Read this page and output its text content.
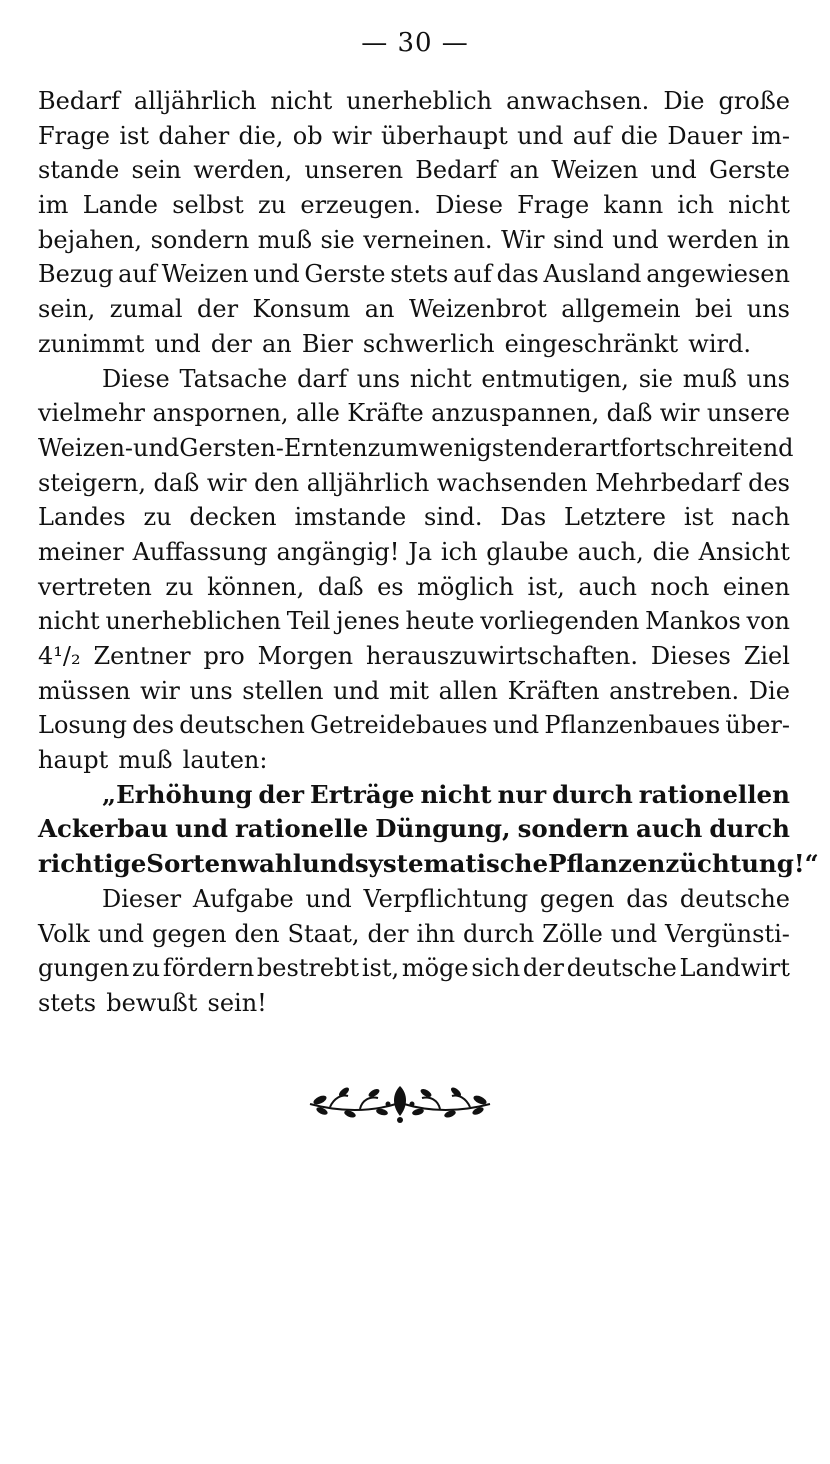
— 30 —
Bedarf alljährlich nicht unerheblich anwachsen. Die große
Frage ist daher die, ob wir überhaupt und auf die Dauer im-
stande sein werden, unseren Bedarf an Weizen und Gerste
im Lande selbst zu erzeugen. Diese Frage kann ich nicht
bejahen, sondern muß sie verneinen. Wir sind und werden in
Bezug auf Weizen und Gerste stets auf das Ausland angewiesen
sein, zumal der Konsum an Weizenbrot allgemein bei uns
zunimmt und der an Bier schwerlich eingeschränkt wird.
Diese Tatsache darf uns nicht entmutigen, sie muß uns
vielmehr anspornen, alle Kräfte anzuspannen, daß wir unsere
Weizen- und Gersten-Ernten zum wenigsten derart fortschreitend
steigern, daß wir den alljährlich wachsenden Mehrbedarf des
Landes zu decken imstande sind. Das Letztere ist nach
meiner Auffassung angängig! Ja ich glaube auch, die Ansicht
vertreten zu können, daß es möglich ist, auch noch einen
nicht unerheblichen Teil jenes heute vorliegenden Mankos von
4¹/₂ Zentner pro Morgen herauszuwirtschaften. Dieses Ziel
müssen wir uns stellen und mit allen Kräften anstreben. Die
Losung des deutschen Getreidebaues und Pflanzenbaues über-
haupt muß lauten:
„Erhöhung der Erträge nicht nur durch rationellen
Ackerbau und rationelle Düngung, sondern auch durch
richtige Sortenwahl und systematische Pflanzenzüchtung!“
Dieser Aufgabe und Verpflichtung gegen das deutsche
Volk und gegen den Staat, der ihn durch Zölle und Vergünsti-
gungen zu fördern bestrebt ist, möge sich der deutsche Landwirt
stets bewußt sein!
